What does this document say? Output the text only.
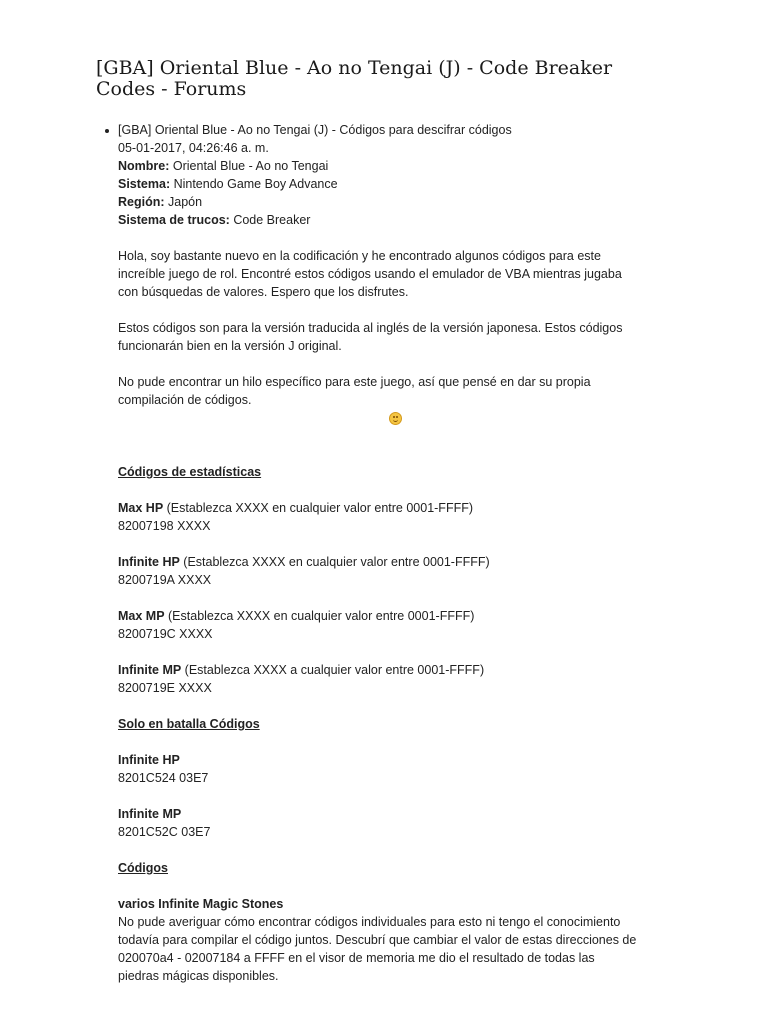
[GBA] Oriental Blue - Ao no Tengai (J) - Code Breaker Codes - Forums

[GBA] Oriental Blue - Ao no Tengai (J) - Códigos para descifrar códigos

05-01-2017, 04:26:46 a. m.

Nombre: Oriental Blue - Ao no Tengai

Sistema: Nintendo Game Boy Advance

Región: Japón

Sistema de trucos: Code Breaker

Hola, soy bastante nuevo en la codificación y he encontrado algunos códigos para este increíble juego de rol. Encontré estos códigos usando el emulador de VBA mientras jugaba con búsquedas de valores. Espero que los disfrutes.

Estos códigos son para la versión traducida al inglés de la versión japonesa. Estos códigos funcionarán bien en la versión J original.

No pude encontrar un hilo específico para este juego, así que pensé en dar su propia compilación de códigos.

Códigos de estadísticas

Max HP (Establezca XXXX en cualquier valor entre 0001-FFFF)

82007198 XXXX

Infinite HP (Establezca XXXX en cualquier valor entre 0001-FFFF)

8200719A XXXX

Max MP (Establezca XXXX en cualquier valor entre 0001-FFFF)

8200719C XXXX

Infinite MP (Establezca XXXX a cualquier valor entre 0001-FFFF)

8200719E XXXX

Solo en batalla Códigos

Infinite HP

8201C524 03E7

Infinite MP

8201C52C 03E7

Códigos

varios Infinite Magic Stones

No pude averiguar cómo encontrar códigos individuales para esto ni tengo el conocimiento todavía para compilar el código juntos. Descubrí que cambiar el valor de estas direcciones de 020070a4 - 02007184 a FFFF en el visor de memoria me dio el resultado de todas las piedras mágicas disponibles.
